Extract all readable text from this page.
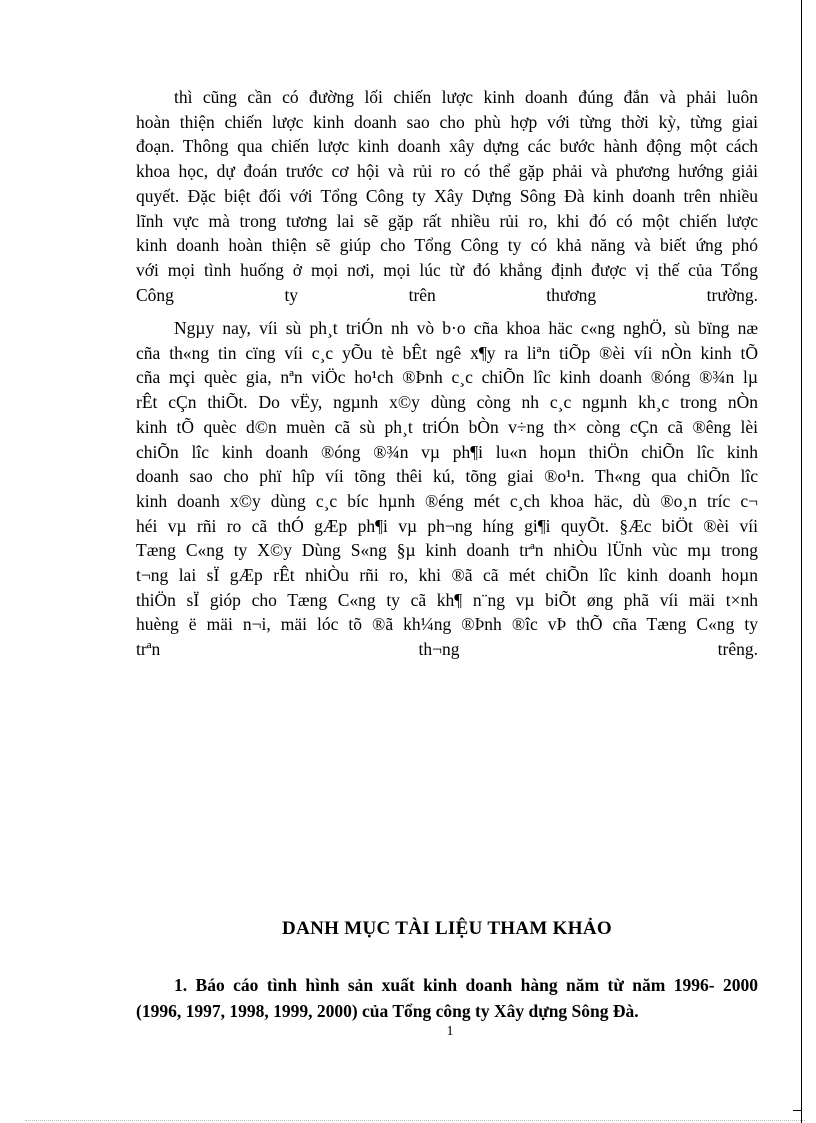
thì cũng cần có đường lối chiến lược kinh doanh đúng đắn và phải luôn
hoàn thiện chiến lược kinh doanh sao cho phù hợp với từng thời kỳ, từng giai
đoạn. Thông qua chiến lược kinh doanh xây dựng các bước hành động một cách
khoa học, dự đoán trước cơ hội và rủi ro có thể gặp phải và phương hướng giải
quyết. Đặc biệt đối với Tổng Công ty Xây Dựng Sông Đà kinh doanh trên nhiều
lĩnh vực mà trong tương lai sẽ gặp rất nhiều rủi ro, khi đó có một chiến lược
kinh doanh hoàn thiện sẽ giúp cho Tổng Công ty có khả năng và biết ứng phó
với mọi tình huống ở mọi nơi, mọi lúc từ đó khẳng định được vị thế của Tổng
Công ty trên thương trường.
Ngµy nay, víi sù ph¸t triÓn nh vò b·o cña khoa häc c«ng nghÖ, sù bïng næ
cña th«ng tin cïng víi c¸c yÕu tè bÊt ngê x¶y ra liªn tiÕp ®èi víi nÒn kinh tÕ
cña mçi quèc gia, nªn viÖc ho¹ch ®Þnh c¸c chiÕn lîc kinh doanh ®óng ®¾n lµ
rÊt cÇn thiÕt. Do vËy, ngµnh x©y dùng còng nh c¸c ngµnh kh¸c trong nÒn
kinh tÕ quèc d©n muèn cã sù ph¸t triÓn bÒn v÷ng th× còng cÇn cã ®êng lèi
chiÕn lîc kinh doanh ®óng ®¾n vµ ph¶i lu«n hoµn thiÖn chiÕn lîc kinh
doanh sao cho phï hîp víi tõng thêi kú, tõng giai ®o¹n. Th«ng qua chiÕn lîc
kinh doanh x©y dùng c¸c bíc hµnh ®éng mét c¸ch khoa häc, dù ®o¸n tríc c¬
héi vµ rñi ro cã thÓ gÆp ph¶i vµ ph¬ng híng gi¶i quyÕt. §Æc biÖt ®èi víi
Tæng C«ng ty X©y Dùng S«ng §µ kinh doanh trªn nhiÒu lÜnh vùc mµ trong
t¬ng lai sÏ gÆp rÊt nhiÒu rñi ro, khi ®ã cã mét chiÕn lîc kinh doanh hoµn
thiÖn sÏ gióp cho Tæng C«ng ty cã kh¶ n¨ng vµ biÕt øng phã víi mäi t×nh
huèng ë mäi n¬i, mäi lóc tõ ®ã kh¼ng ®Þnh ®îc vÞ thÕ cña Tæng C«ng ty
trªn th¬ng trêng.
DANH MỤC TÀI LIỆU THAM KHẢO
1. Báo cáo tình hình sản xuất kinh doanh hàng năm từ năm 1996- 2000
(1996, 1997, 1998, 1999, 2000) của Tổng công ty Xây dựng Sông Đà.
1
